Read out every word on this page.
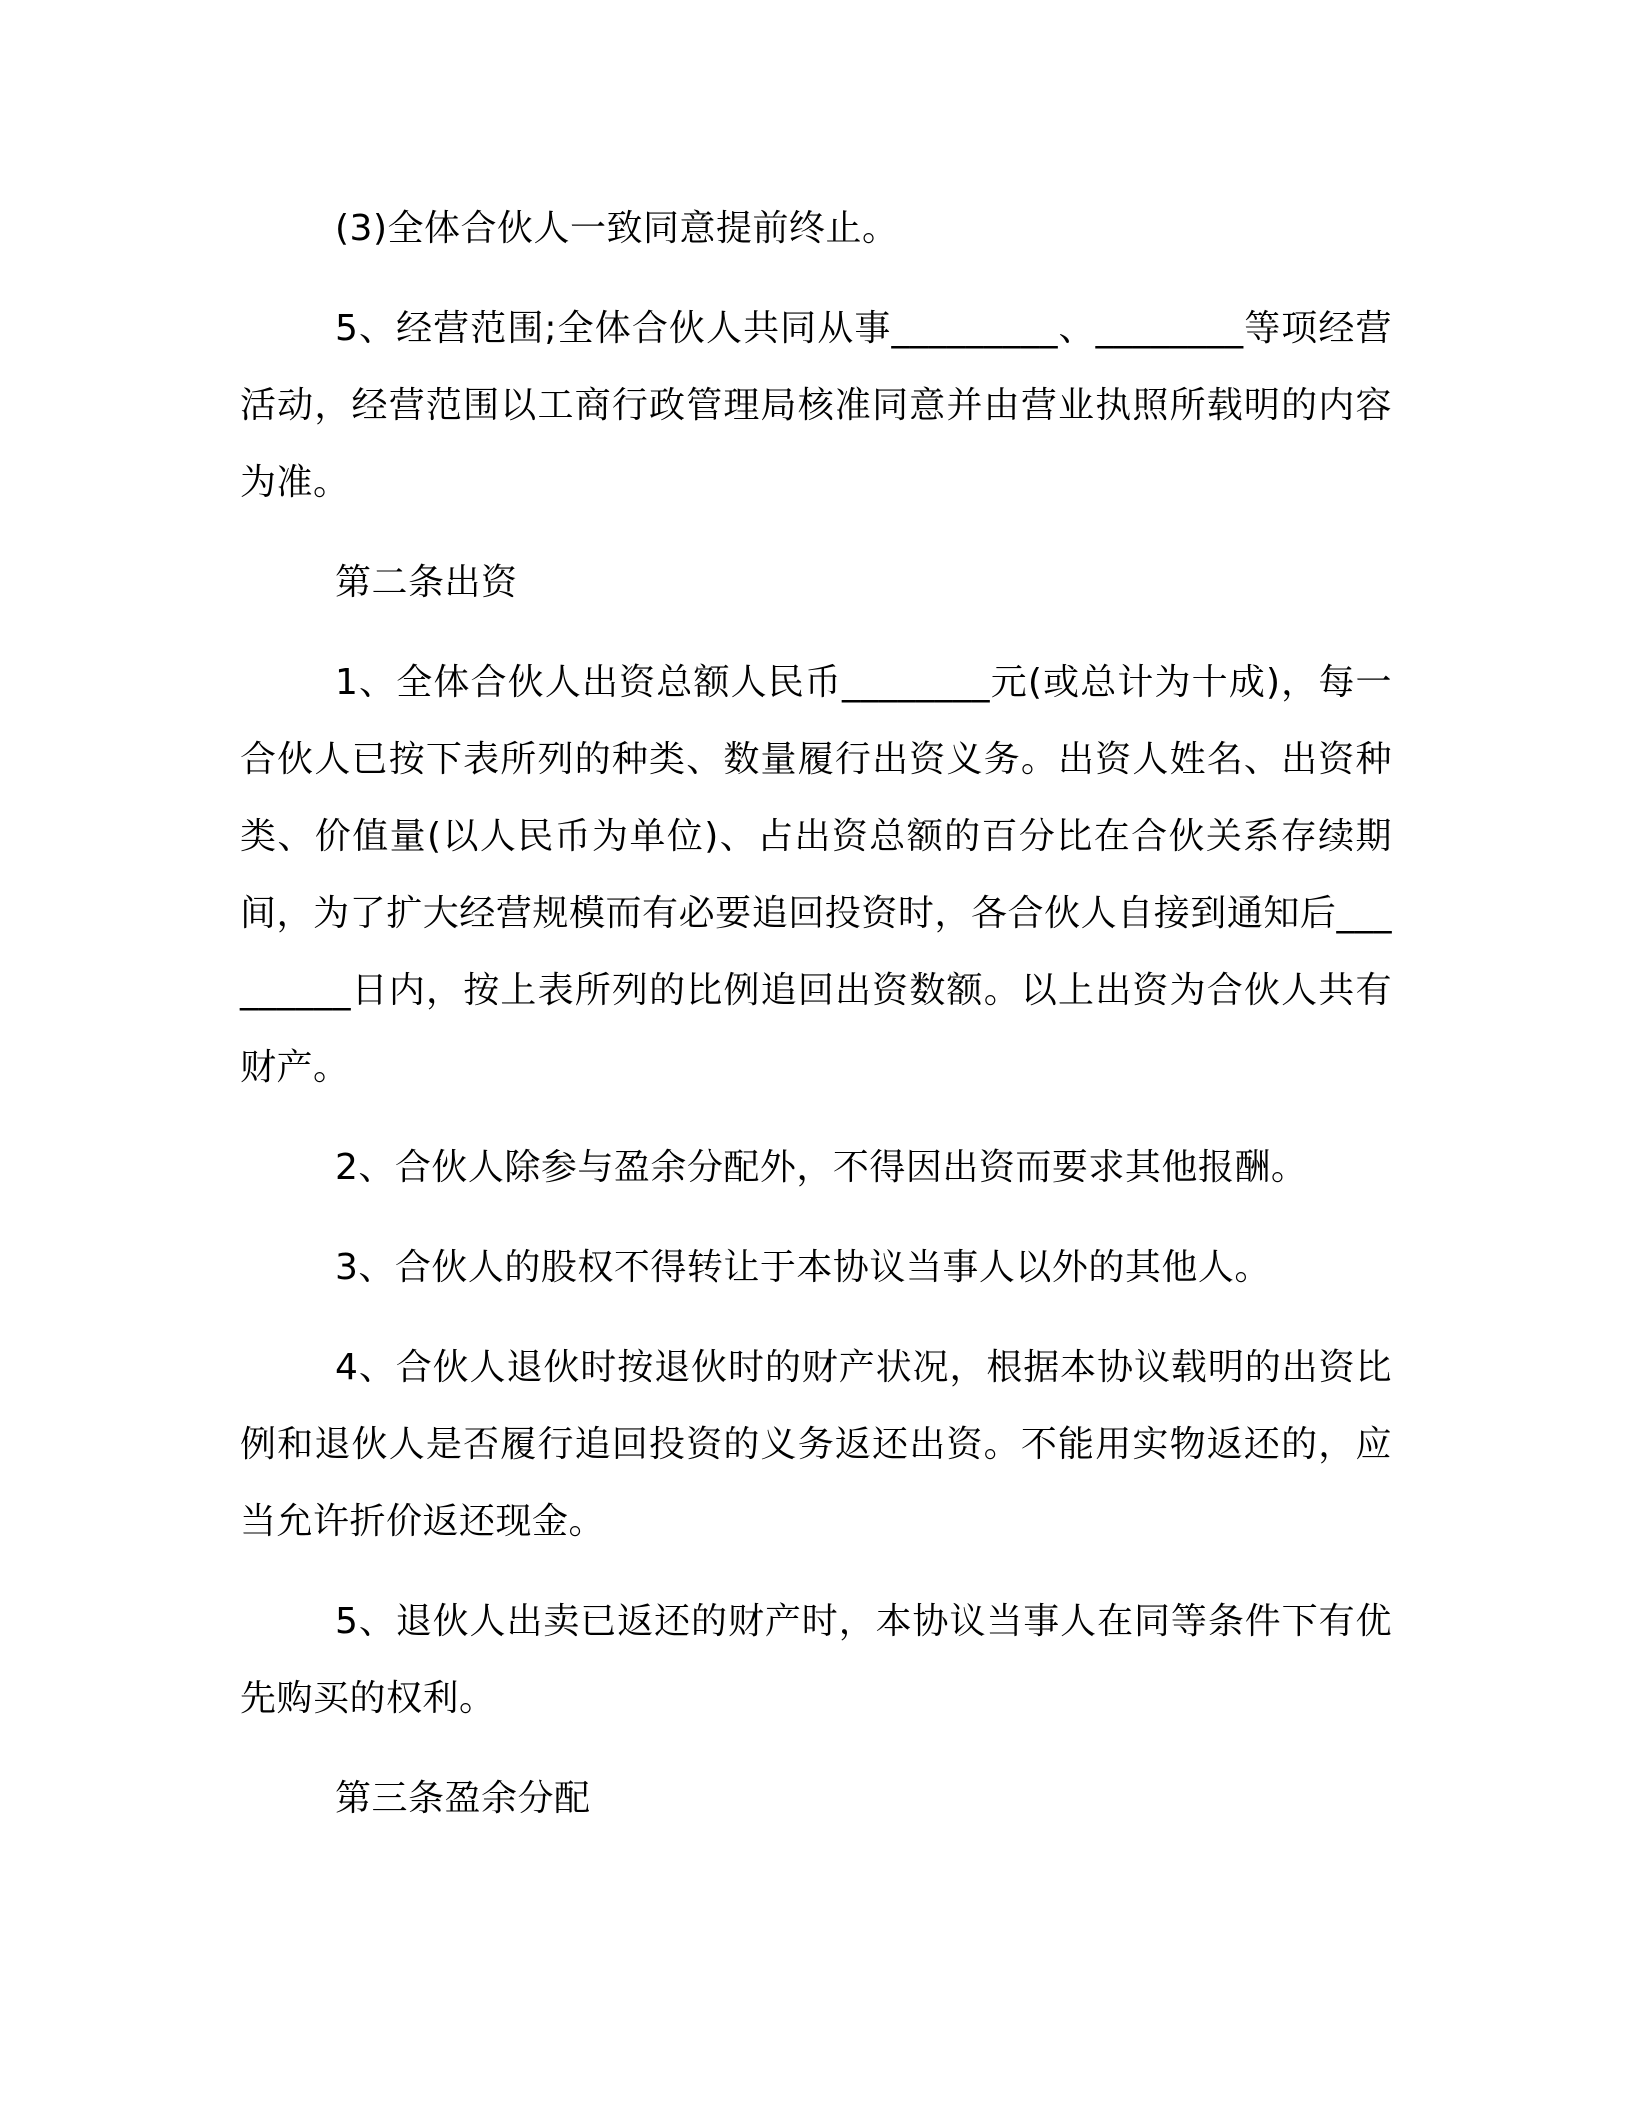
(3)全体合伙人一致同意提前终止。

5、经营范围;全体合伙人共同从事_________、________等项经营活动，经营范围以工商行政管理局核准同意并由营业执照所载明的内容为准。

第二条出资

1、全体合伙人出资总额人民币________元(或总计为十成)，每一合伙人已按下表所列的种类、数量履行出资义务。出资人姓名、出资种类、价值量(以人民币为单位)、占出资总额的百分比在合伙关系存续期间，为了扩大经营规模而有必要追回投资时，各合伙人自接到通知后_________日内，按上表所列的比例追回出资数额。以上出资为合伙人共有财产。

2、合伙人除参与盈余分配外，不得因出资而要求其他报酬。

3、合伙人的股权不得转让于本协议当事人以外的其他人。

4、合伙人退伙时按退伙时的财产状况，根据本协议载明的出资比例和退伙人是否履行追回投资的义务返还出资。不能用实物返还的，应当允许折价返还现金。

5、退伙人出卖已返还的财产时，本协议当事人在同等条件下有优先购买的权利。

第三条盈余分配
